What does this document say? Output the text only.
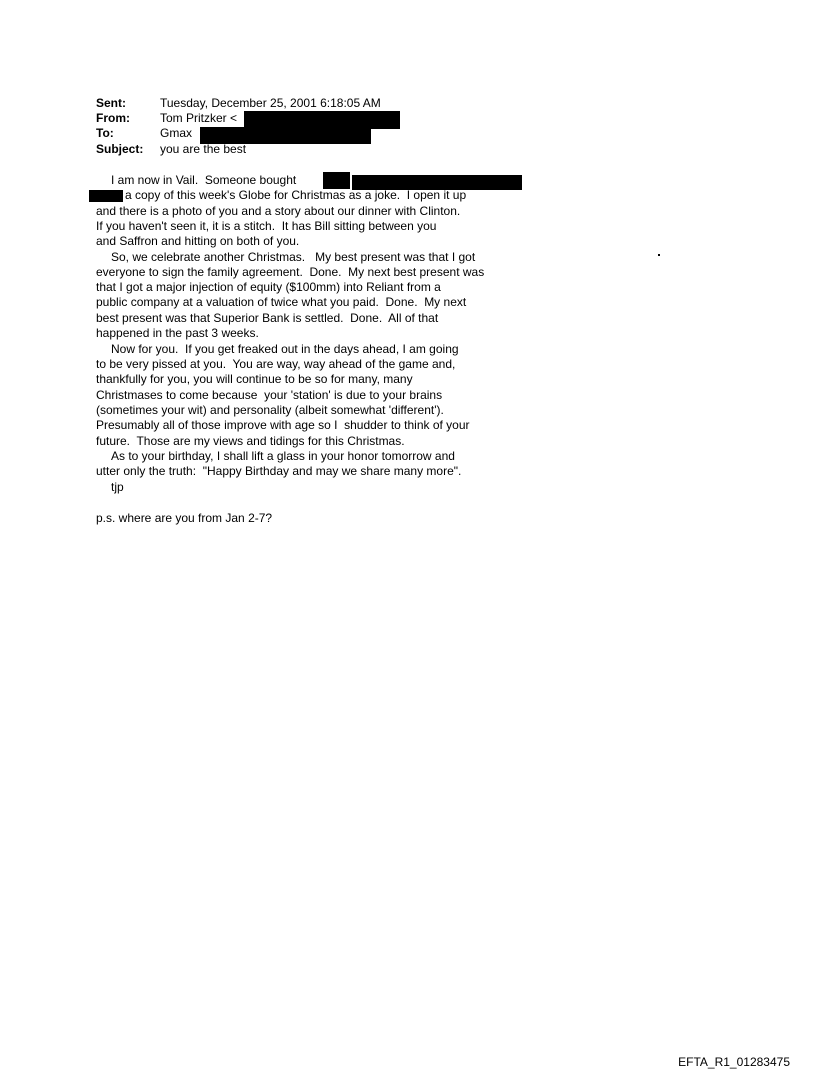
Sent:	Tuesday, December 25, 2001 6:18:05 AM
From:	Tom Pritzker <
To:	Gmax
Subject: you are the best
I am now in Vail.  Someone bought
a copy of this week's Globe for Christmas as a joke.  I open it up
and there is a photo of you and a story about our dinner with Clinton.
If you haven't seen it, it is a stitch.  It has Bill sitting between you
and Saffron and hitting on both of you.
So, we celebrate another Christmas.   My best present was that I got
everyone to sign the family agreement.  Done.  My next best present was
that I got a major injection of equity ($100mm) into Reliant from a
public company at a valuation of twice what you paid.  Done.  My next
best present was that Superior Bank is settled.  Done.  All of that
happened in the past 3 weeks.
Now for you.  If you get freaked out in the days ahead, I am going
to be very pissed at you.  You are way, way ahead of the game and,
thankfully for you, you will continue to be so for many, many
Christmases to come because  your 'station' is due to your brains
(sometimes your wit) and personality (albeit somewhat 'different').
Presumably all of those improve with age so I  shudder to think of your
future.  Those are my views and tidings for this Christmas.
As to your birthday, I shall lift a glass in your honor tomorrow and
utter only the truth:  "Happy Birthday and may we share many more".
tjp
p.s. where are you from Jan 2-7?
EFTA_R1_01283475
